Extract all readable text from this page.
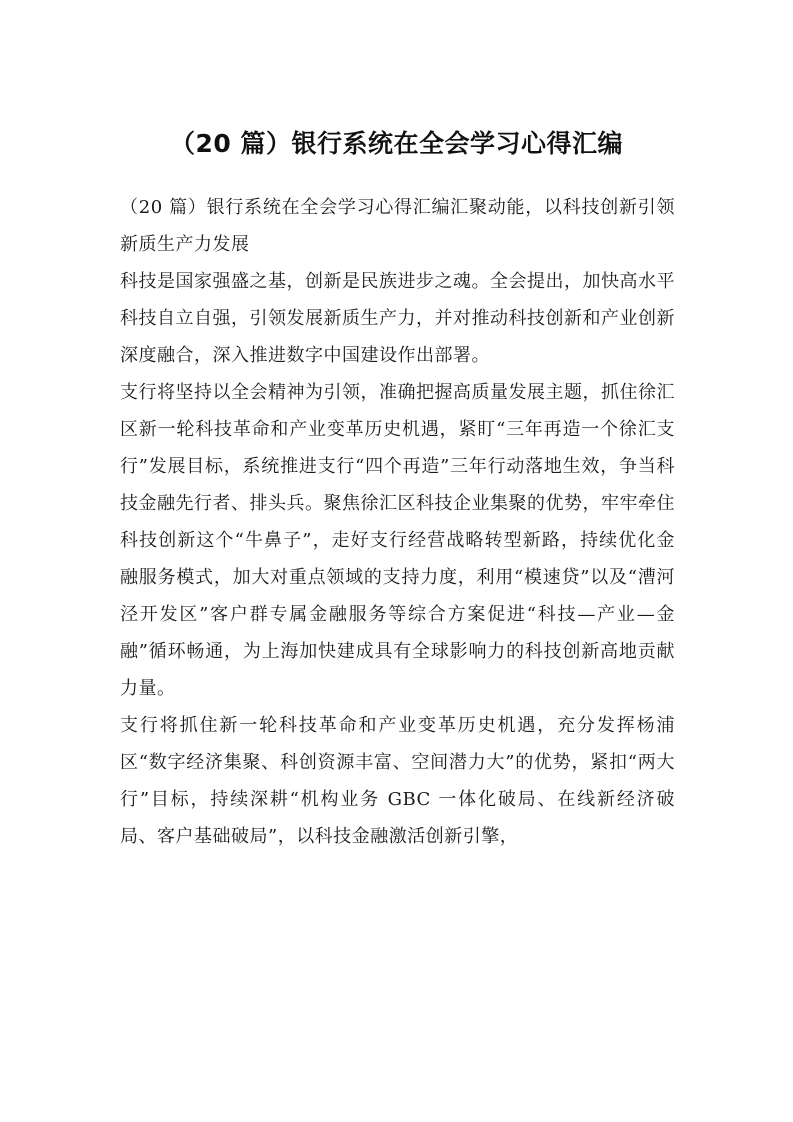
（20 篇）银行系统在全会学习心得汇编

（20 篇）银行系统在全会学习心得汇编汇聚动能，以科技创新引领新质生产力发展

科技是国家强盛之基，创新是民族进步之魂。全会提出，加快高水平科技自立自强，引领发展新质生产力，并对推动科技创新和产业创新深度融合，深入推进数字中国建设作出部署。

支行将坚持以全会精神为引领，准确把握高质量发展主题，抓住徐汇区新一轮科技革命和产业变革历史机遇，紧盯“三年再造一个徐汇支行”发展目标，系统推进支行“四个再造”三年行动落地生效，争当科技金融先行者、排头兵。聚焦徐汇区科技企业集聚的优势，牢牢牵住科技创新这个“牛鼻子”，走好支行经营战略转型新路，持续优化金融服务模式，加大对重点领域的支持力度，利用“模速贷”以及“漕河泾开发区”客户群专属金融服务等综合方案促进“科技—产业—金融”循环畅通，为上海加快建成具有全球影响力的科技创新高地贡献力量。

支行将抓住新一轮科技革命和产业变革历史机遇，充分发挥杨浦区“数字经济集聚、科创资源丰富、空间潜力大”的优势，紧扣“两大行”目标，持续深耕“机构业务 GBC 一体化破局、在线新经济破局、客户基础破局”，以科技金融激活创新引擎，
